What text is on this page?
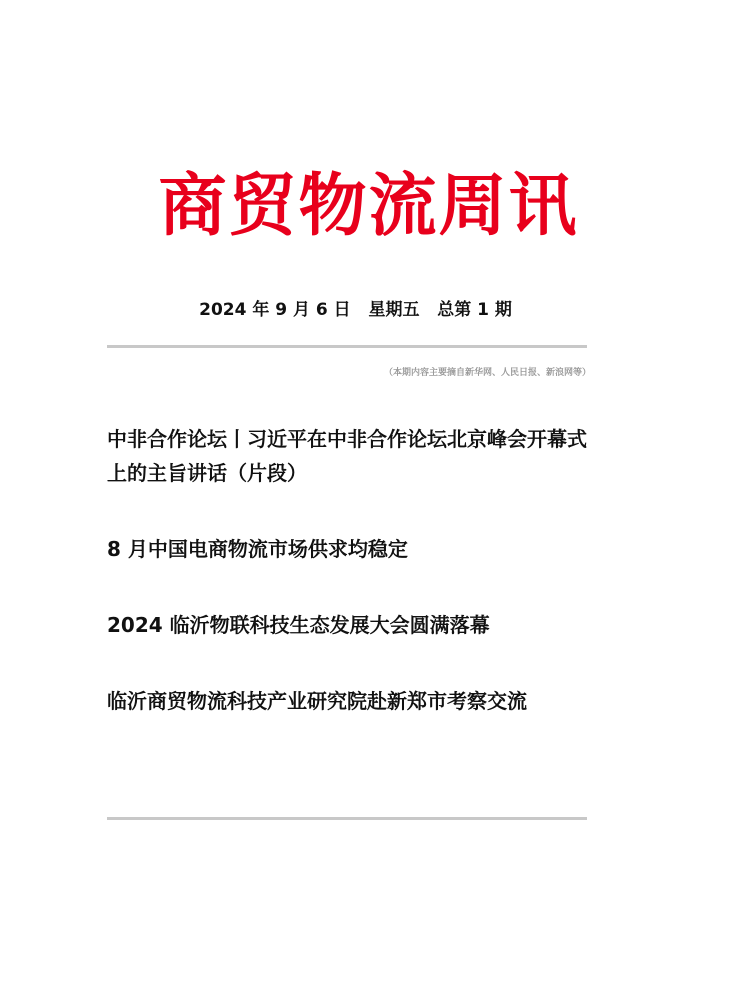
商贸物流周讯
2024 年 9 月 6 日 星期五 总第 1 期
（本期内容主要摘自新华网、人民日报、新浪网等）
中非合作论坛丨习近平在中非合作论坛北京峰会开幕式上的主旨讲话（片段）
8 月中国电商物流市场供求均稳定
2024 临沂物联科技生态发展大会圆满落幕
临沂商贸物流科技产业研究院赴新郑市考察交流
